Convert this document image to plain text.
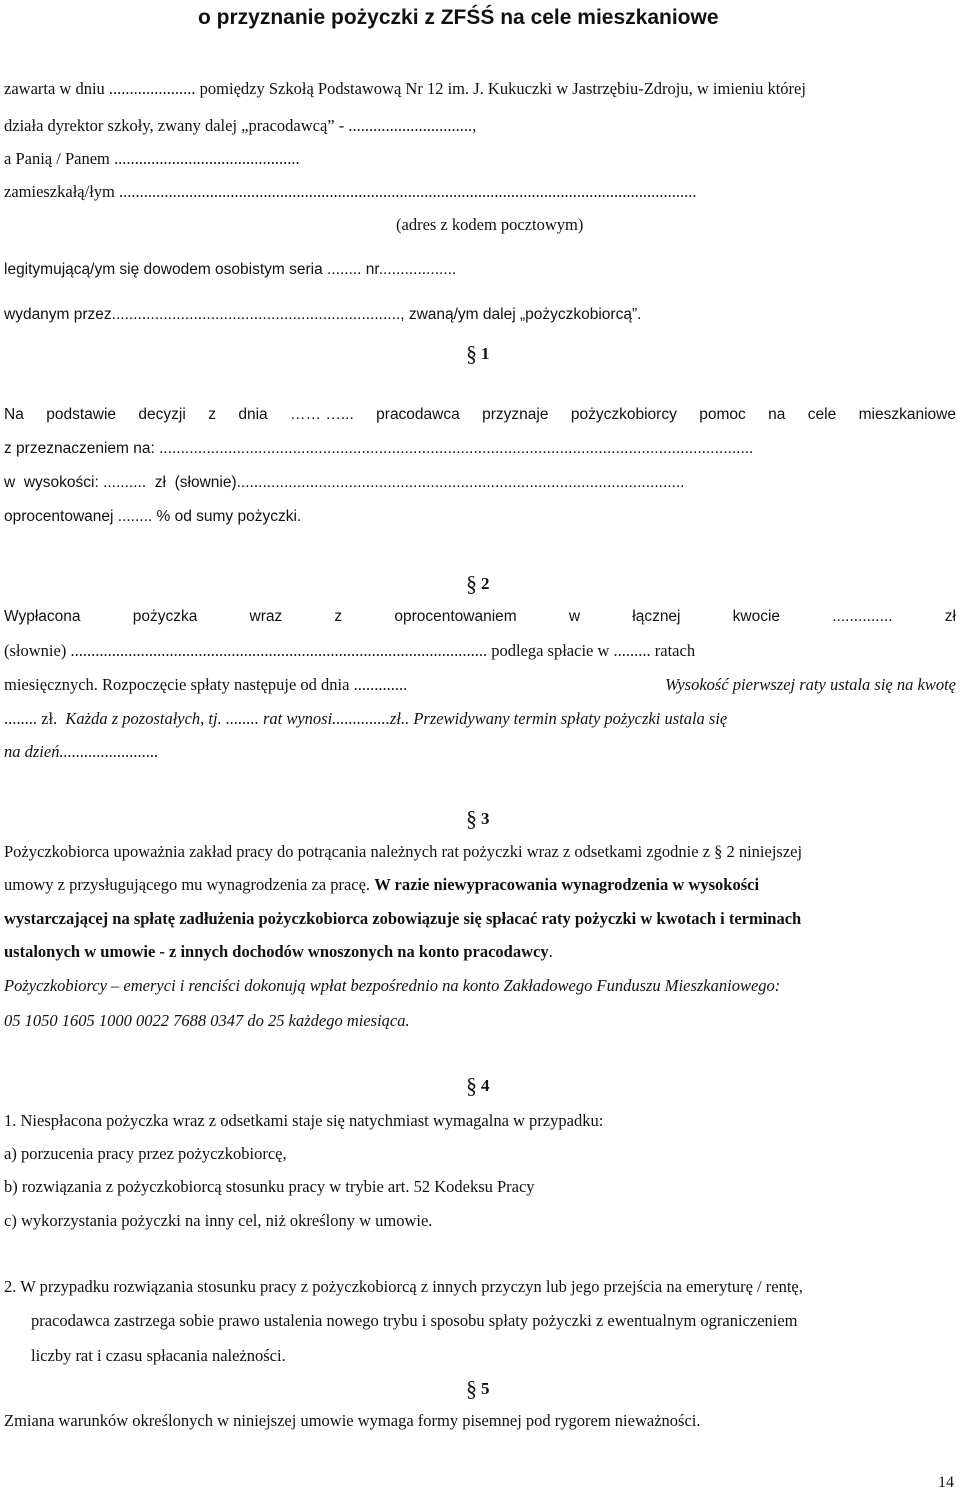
o przyznanie pożyczki z ZFŚŚ na cele mieszkaniowe
zawarta w dniu ..................... pomiędzy Szkołą Podstawową Nr 12 im. J. Kukuczki w Jastrzębiu-Zdroju, w imieniu której
działa dyrektor szkoły, zwany dalej „pracodawcą” - ..............................,
a Panią / Panem .............................................
zamieszkałą/łym ............................................................................................................................................
(adres z kodem pocztowym)
legitymującą/ym się dowodem osobistym seria ........ nr..................
wydanym przez..................................................................., zwaną/ym dalej „pożyczkobiorcą”.
§ 1
Na podstawie decyzji z dnia …… …... pracodawca przyznaje pożyczkobiorcy pomoc na cele mieszkaniowe
z przeznaczeniem na: ..........................................................................................................................................
w wysokości: .......... zł (słownie)........................................................................................................
oprocentowanej ........ % od sumy pożyczki.
§ 2
Wypłacona	pożyczka	wraz	z	oprocentowaniem	w	łącznej	kwocie	..............	zł
(słownie) ..................................................................................................... podlega spłacie w ......... ratach
miesięcznych. Rozpoczęcie spłaty następuje od dnia .............	Wysokość pierwszej raty ustala się na kwotę
........ zł. Każda z pozostałych, tj. ........ rat wynosi..............zł.. Przewidywany termin spłaty pożyczki ustala się
na dzień........................
§ 3
Pożyczkobiorca upoważnia zakład pracy do potrącania należnych rat pożyczki wraz z odsetkami zgodnie z § 2 niniejszej
umowy z przysługującego mu wynagrodzenia za pracę. W razie niewypracowania wynagrodzenia w wysokości
wystarczającej na spłatę zadłużenia pożyczkobiorca zobowiązuje się spłacać raty pożyczki w kwotach i terminach
ustalonych w umowie - z innych dochodów wnoszonych na konto pracodawcy.
Pożyczkobiorcy – emeryci i renciści dokonują wpłat bezpośrednio na konto Zakładowego Funduszu Mieszkaniowego:
05 1050 1605 1000 0022 7688 0347 do 25 każdego miesiąca.
§ 4
1. Niespłacona pożyczka wraz z odsetkami staje się natychmiast wymagalna w przypadku:
a) porzucenia pracy przez pożyczkobiorcę,
b) rozwiązania z pożyczkobiorcą stosunku pracy w trybie art. 52 Kodeksu Pracy
c) wykorzystania pożyczki na inny cel, niż określony w umowie.
2. W przypadku rozwiązania stosunku pracy z pożyczkobiorcą z innych przyczyn lub jego przejścia na emeryturę / rentę,
pracodawca zastrzega sobie prawo ustalenia nowego trybu i sposobu spłaty pożyczki z ewentualnym ograniczeniem
liczby rat i czasu spłacania należności.
§ 5
Zmiana warunków określonych w niniejszej umowie wymaga formy pisemnej pod rygorem nieważności.
14
